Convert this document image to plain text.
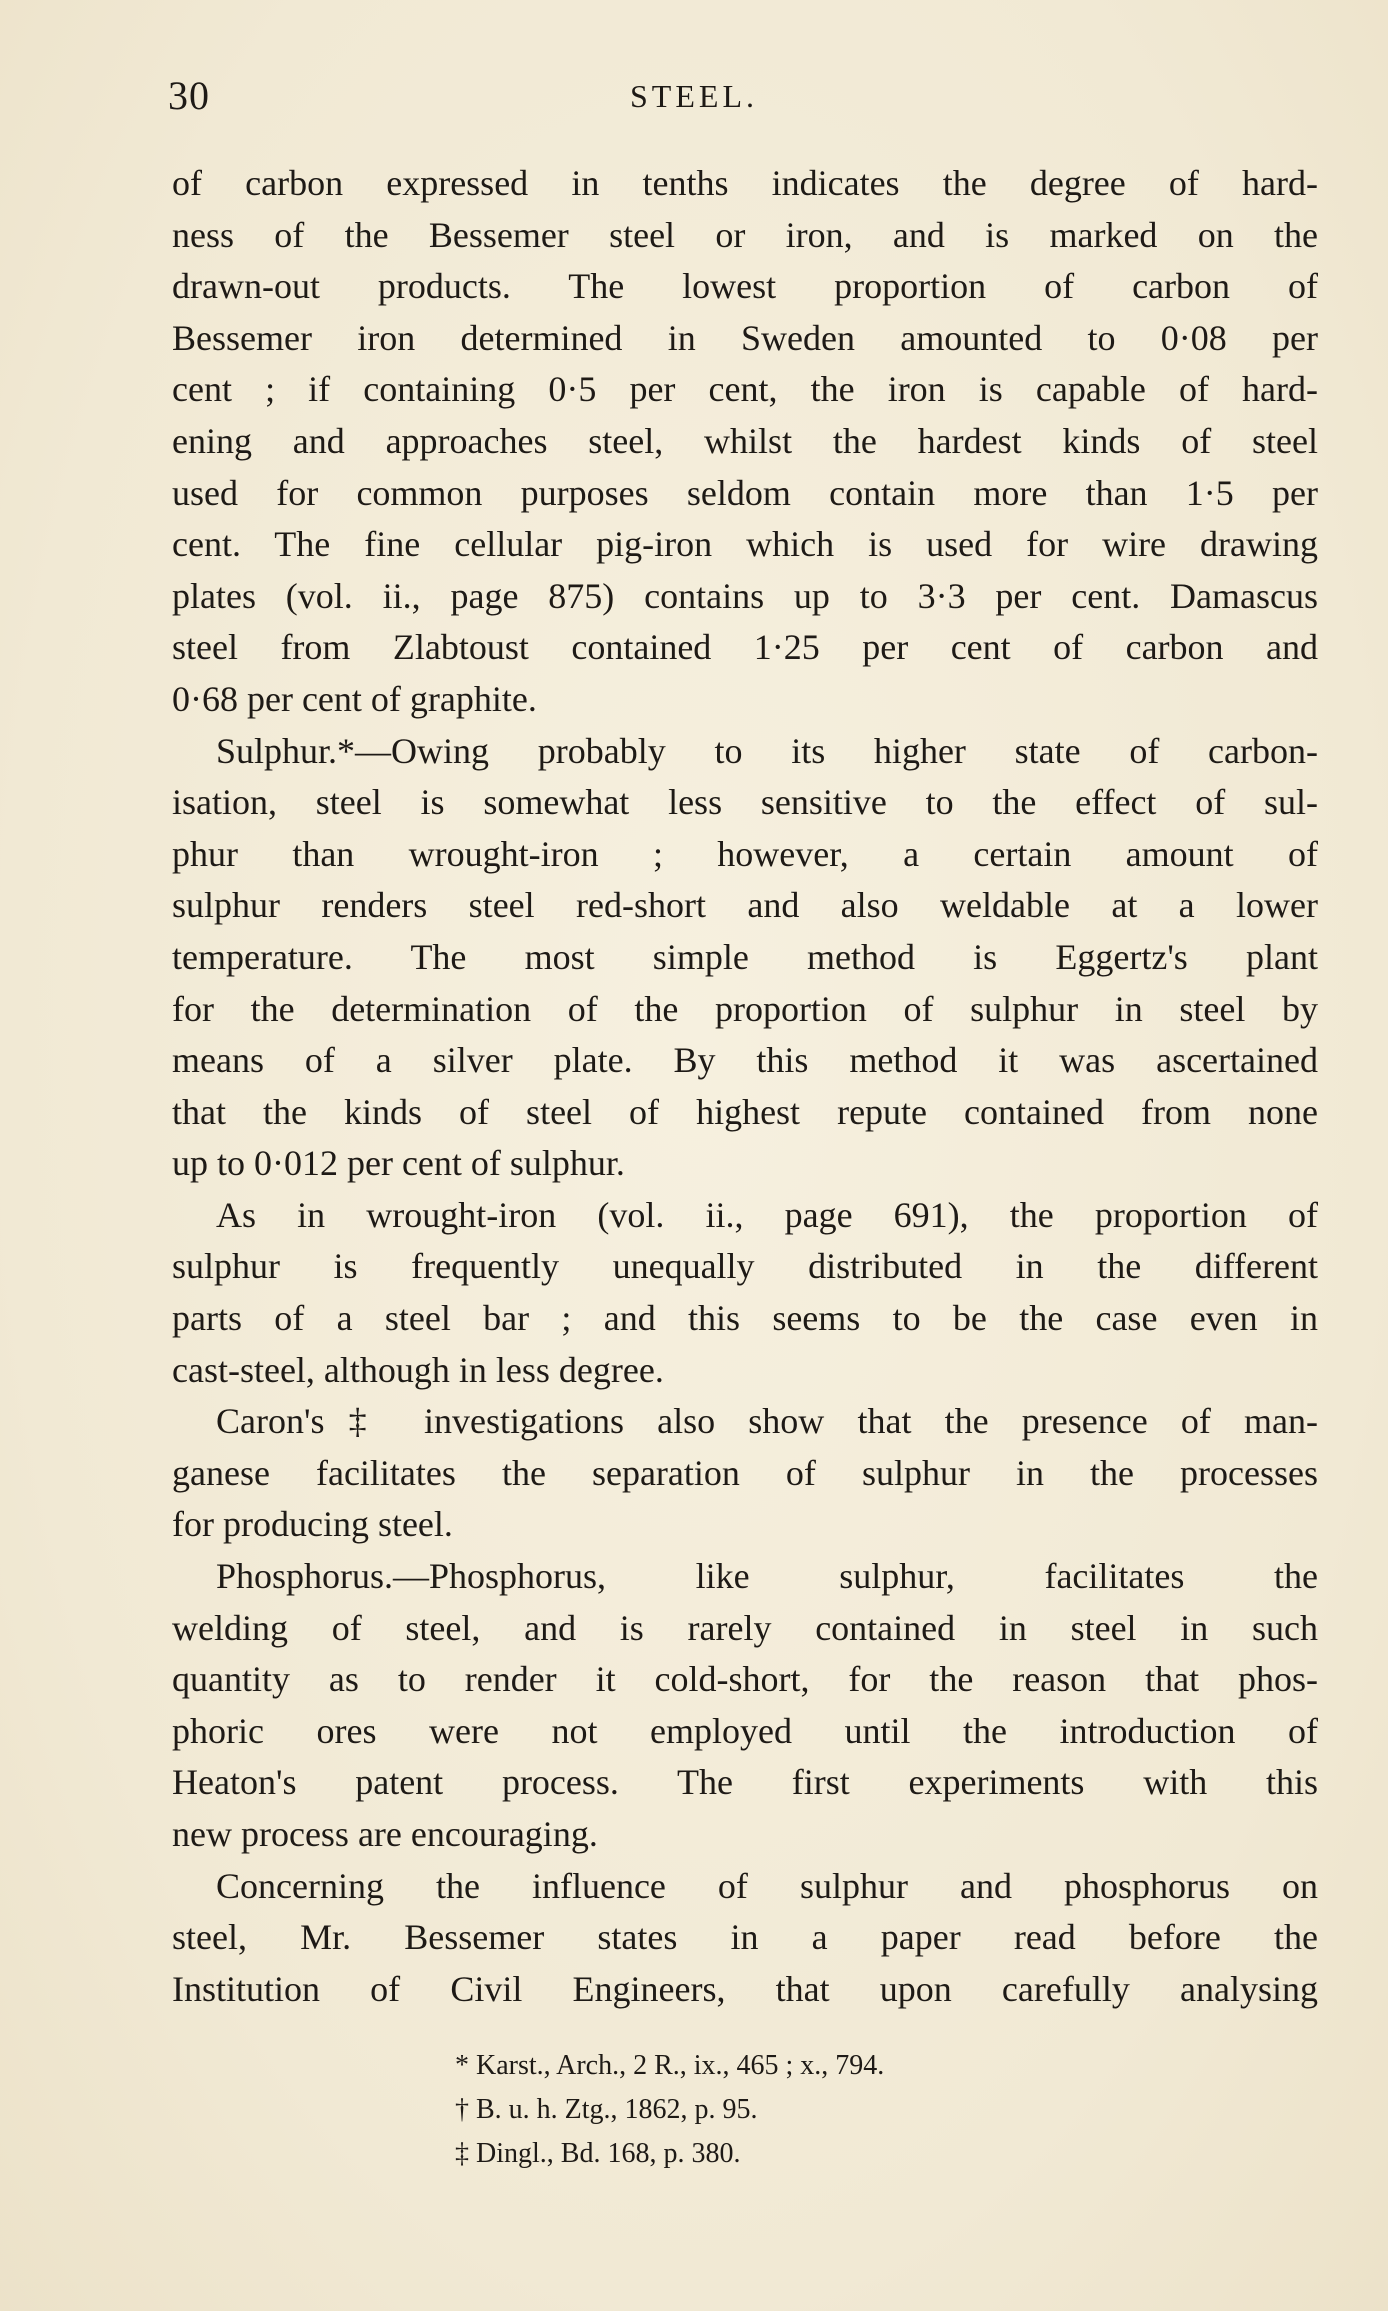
30	STEEL.
of carbon expressed in tenths indicates the degree of hard-
ness of the Bessemer steel or iron, and is marked on the
drawn-out products. The lowest proportion of carbon of
Bessemer iron determined in Sweden amounted to 0·08 per
cent ; if containing 0·5 per cent, the iron is capable of hard-
ening and approaches steel, whilst the hardest kinds of steel
used for common purposes seldom contain more than 1·5 per
cent. The fine cellular pig-iron which is used for wire drawing
plates (vol. ii., page 875) contains up to 3·3 per cent. Damascus
steel from Zlabtoust contained 1·25 per cent of carbon and
0·68 per cent of graphite.
Sulphur.*—Owing probably to its higher state of carbon-
isation, steel is somewhat less sensitive to the effect of sul-
phur than wrought-iron ; however, a certain amount of
sulphur renders steel red-short and also weldable at a lower
temperature. The most simple method is Eggertz's plant
for the determination of the proportion of sulphur in steel by
means of a silver plate. By this method it was ascertained
that the kinds of steel of highest repute contained from none
up to 0·012 per cent of sulphur.
As in wrought-iron (vol. ii., page 691), the proportion of
sulphur is frequently unequally distributed in the different
parts of a steel bar ; and this seems to be the case even in
cast-steel, although in less degree.
Caron's‡ investigations also show that the presence of man-
ganese facilitates the separation of sulphur in the processes
for producing steel.
Phosphorus.—Phosphorus, like sulphur, facilitates the
welding of steel, and is rarely contained in steel in such
quantity as to render it cold-short, for the reason that phos-
phoric ores were not employed until the introduction of
Heaton's patent process. The first experiments with this
new process are encouraging.
Concerning the influence of sulphur and phosphorus on
steel, Mr. Bessemer states in a paper read before the
Institution of Civil Engineers, that upon carefully analysing
* Karst., Arch., 2 R., ix., 465 ; x., 794.
† B. u. h. Ztg., 1862, p. 95.
‡ Dingl., Bd. 168, p. 380.
